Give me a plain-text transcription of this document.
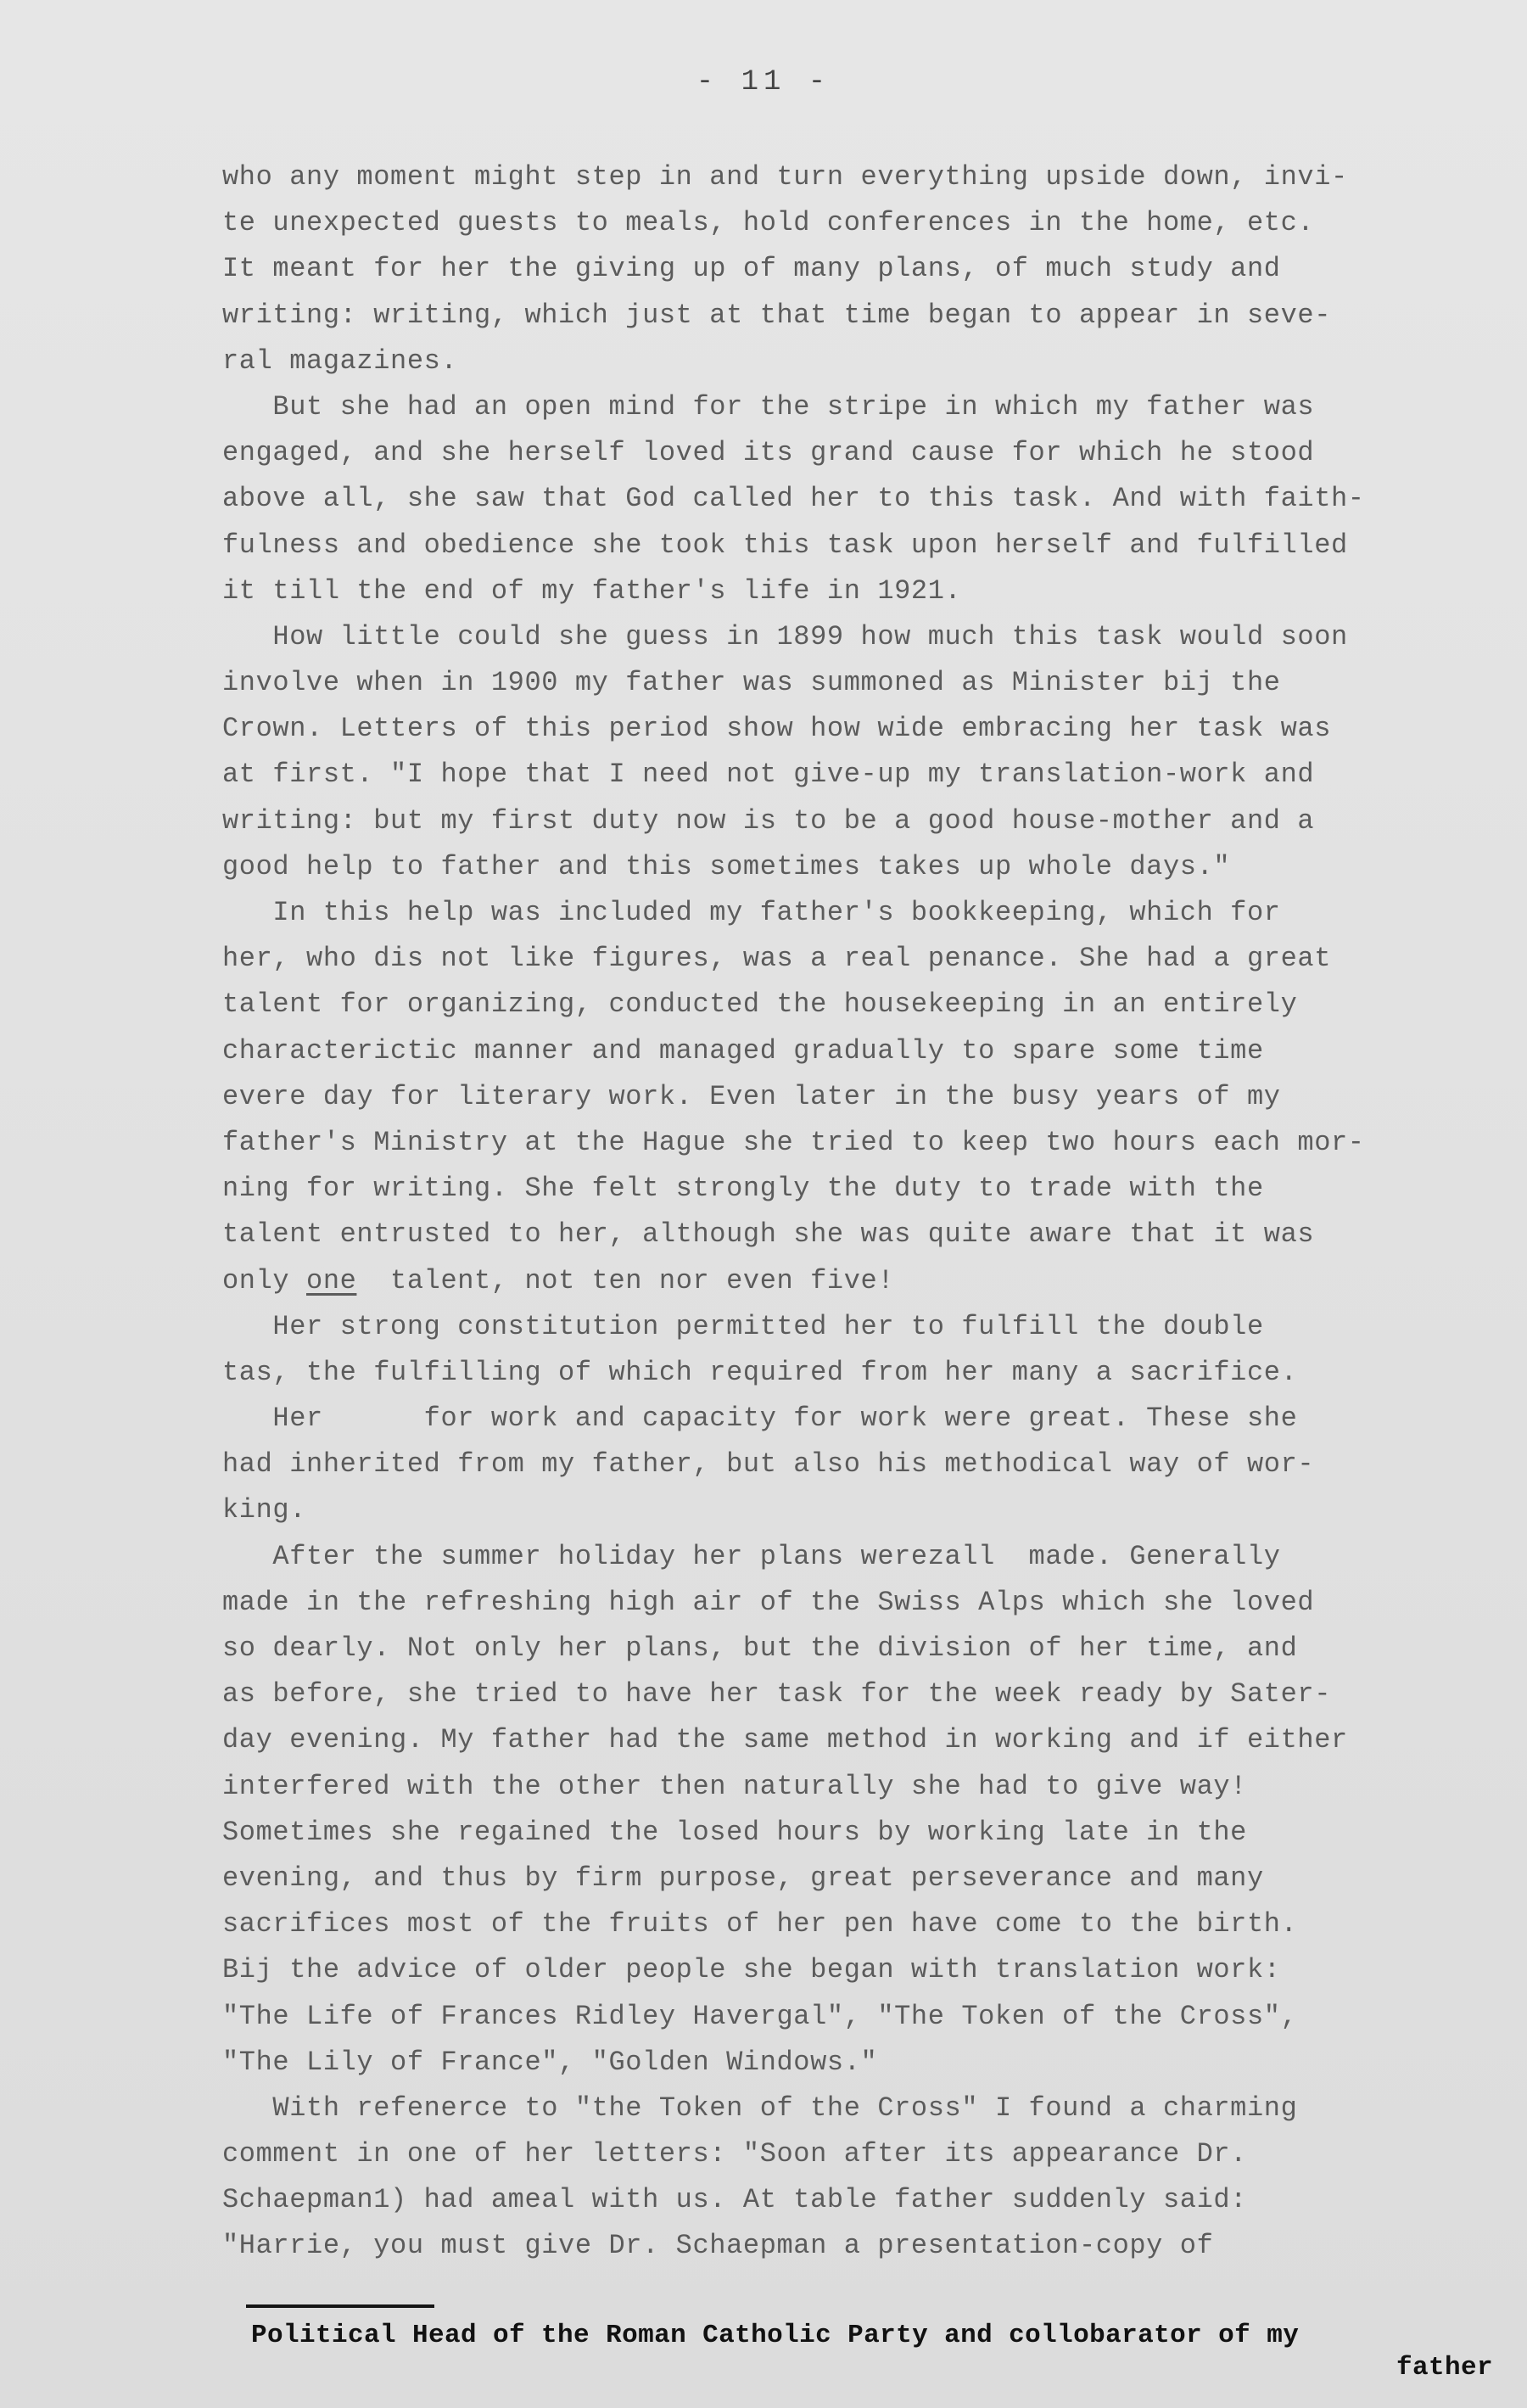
- 11 -
who any moment might step in and turn everything upside down, invi-
te unexpected guests to meals, hold conferences in the home, etc.
It meant for her the giving up of many plans, of much study and
writing: writing, which just at that time began to appear in seve-
ral magazines.
But she had an open mind for the stripe in which my father was
engaged, and she herself loved its grand cause for which he stood
above all, she saw that God called her to this task. And with faith-
fulness and obedience she took this task upon herself and fulfilled
it till the end of my father's life in 1921.
How little could she guess in 1899 how much this task would soon
involve when in 1900 my father was summoned as Minister bij the
Crown. Letters of this period show how wide embracing her task was
at first. "I hope that I need not give-up my translation-work and
writing: but my first duty now is to be a good house-mother and a
good help to father and this sometimes takes up whole days."
In this help was included my father's bookkeeping, which for
her, who dis not like figures, was a real penance. She had a great
talent for organizing, conducted the housekeeping in an entirely
characterictic manner and managed gradually to spare some time
evere day for literary work. Even later in the busy years of my
father's Ministry at the Hague she tried to keep two hours each mor-
ning for writing. She felt strongly the duty to trade with the
talent entrusted to her, although she was quite aware that it was
only one  talent, not ten nor even five!
Her strong constitution permitted her to fulfill the double
tas, the fulfilling of which required from her many a sacrifice.
Her      for work and capacity for work were great. These she
had inherited from my father, but also his methodical way of wor-
king.
After the summer holiday her plans werezall  made. Generally
made in the refreshing high air of the Swiss Alps which she loved
so dearly. Not only her plans, but the division of her time, and
as before, she tried to have her task for the week ready by Sater-
day evening. My father had the same method in working and if either
interfered with the other then naturally she had to give way!
Sometimes she regained the losed hours by working late in the
evening, and thus by firm purpose, great perseverance and many
sacrifices most of the fruits of her pen have come to the birth.
Bij the advice of older people she began with translation work:
"The Life of Frances Ridley Havergal", "The Token of the Cross",
"The Lily of France", "Golden Windows."
With refenerce to "the Token of the Cross" I found a charming
comment in one of her letters: "Soon after its appearance Dr.
Schaepman1) had ameal with us. At table father suddenly said:
"Harrie, you must give Dr. Schaepman a presentation-copy of
Political Head of the Roman Catholic Party and collobarator of my
father
